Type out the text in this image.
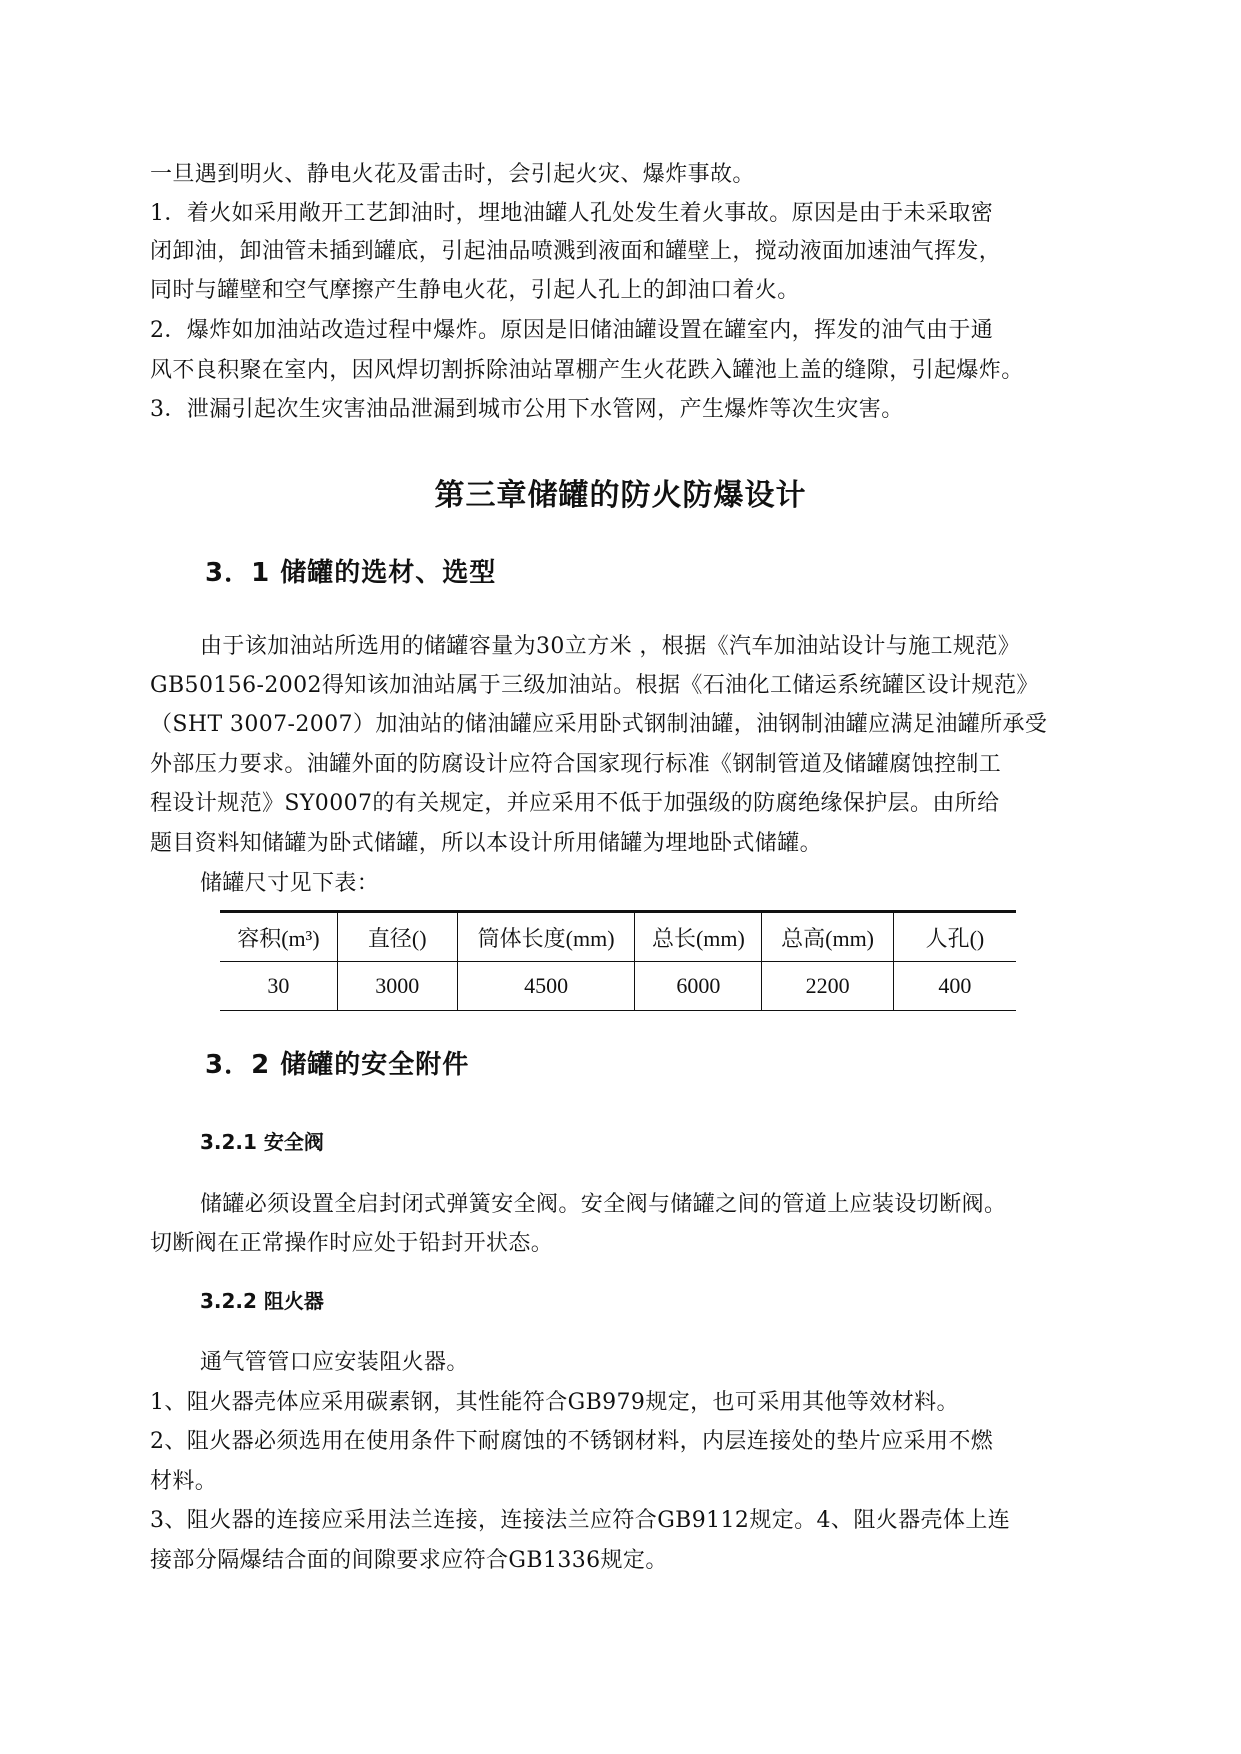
一旦遇到明火、静电火花及雷击时，会引起火灾、爆炸事故。
1．着火如采用敞开工艺卸油时，埋地油罐人孔处发生着火事故。原因是由于未采取密
闭卸油，卸油管未插到罐底，引起油品喷溅到液面和罐壁上，搅动液面加速油气挥发，
同时与罐壁和空气摩擦产生静电火花，引起人孔上的卸油口着火。
2．爆炸如加油站改造过程中爆炸。原因是旧储油罐设置在罐室内，挥发的油气由于通
风不良积聚在室内，因风焊切割拆除油站罩棚产生火花跌入罐池上盖的缝隙，引起爆炸。
3．泄漏引起次生灾害油品泄漏到城市公用下水管网，产生爆炸等次生灾害。
第三章储罐的防火防爆设计
3．1 储罐的选材、选型
由于该加油站所选用的储罐容量为30立方米 ，根据《汽车加油站设计与施工规范》
GB50156-2002得知该加油站属于三级加油站。根据《石油化工储运系统罐区设计规范》
（SHT 3007-2007）加油站的储油罐应采用卧式钢制油罐，油钢制油罐应满足油罐所承受
外部压力要求。油罐外面的防腐设计应符合国家现行标准《钢制管道及储罐腐蚀控制工
程设计规范》SY0007的有关规定，并应采用不低于加强级的防腐绝缘保护层。由所给
题目资料知储罐为卧式储罐，所以本设计所用储罐为埋地卧式储罐。
储罐尺寸见下表：
容积(m³)	直径()	筒体长度(mm)	总长(mm)	总高(mm)	人孔()
30	3000	4500	6000	2200	400
3．2 储罐的安全附件
3.2.1 安全阀
储罐必须设置全启封闭式弹簧安全阀。安全阀与储罐之间的管道上应装设切断阀。
切断阀在正常操作时应处于铅封开状态。
3.2.2 阻火器
通气管管口应安装阻火器。
1、阻火器壳体应采用碳素钢，其性能符合GB979规定，也可采用其他等效材料。
2、阻火器必须选用在使用条件下耐腐蚀的不锈钢材料，内层连接处的垫片应采用不燃
材料。
3、阻火器的连接应采用法兰连接，连接法兰应符合GB9112规定。4、阻火器壳体上连
接部分隔爆结合面的间隙要求应符合GB1336规定。
